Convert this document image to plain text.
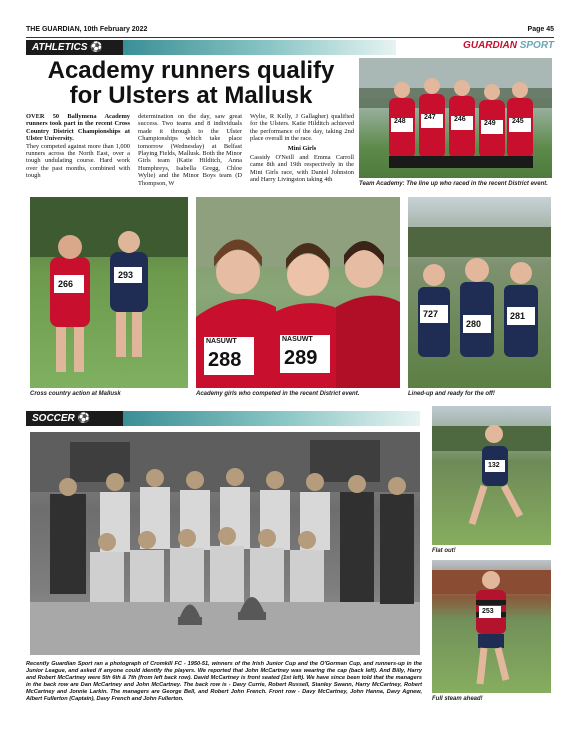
THE GUARDIAN, 10th February 2022	Page 45
ATHLETICS ⚽	GUARDIAN SPORT
Academy runners qualify
for Ulsters at Mallusk

OVER 50 Ballymena Academy runners took part in the recent Cross Country District Championships at Ulster University.

They competed against more than 1,000 runners across the North East, over a tough undulating course. Hard work over the past months, combined with tough

determination on the day, saw great success. Two teams and 8 individuals made it through to the Ulster Championships which take place tomorrow (Wednesday) at Belfast Playing Fields, Mallusk. Both the Minor Girls team (Katie Hilditch, Anna Humphreys, Isabella Gregg, Chloe Wylie) and the Minor Boys team (D Thompson, W

Wylie, R Kelly, J Gallagher) qualified for the Ulsters. Katie Hilditch achieved the performance of the day, taking 2nd place overall in the race.

Mini Girls

Cassidy O'Neill and Emma Carroll came 8th and 19th respectively in the Mini Girls race, with Daniel Johnston and Harry Livingston taking 4th

248
247	246
249 245
Team Academy: The line up who raced in the recent District event.
266
293
Cross country action at Mallusk
NASUWT
288
NASUWT
289
Academy girls who competed in the recent District event.
727
280
281
Lined-up and ready for the off!
SOCCER ⚽
132
Flat out!
253
Full steam ahead!
Recently Guardian Sport ran a photograph of Cromkill FC - 1950-51, winners of the Irish Junior Cup and the O'Gorman Cup, and runners-up in the Junior League, and asked if anyone could identify the players. We reported that John McCartney was wearing the cap (back left). And Billy, Harry and Robert McCartney were 5th 6th & 7th (from left back row). David McCartney is front seated (1st left). We have since been told that the managers in the back row are Dan McCartney and John McCartney. The back row is - Davy Currie, Robert Russell, Stanley Swann, Harry McCartney, Robert McCartney and Jonnie Larkin. The managers are George Bell, and Robert John French. Front row - Davy McCartney, John Hanna, Davy Agnew, Albert Fullerton (Captain), Davy French and John Fullerton.
